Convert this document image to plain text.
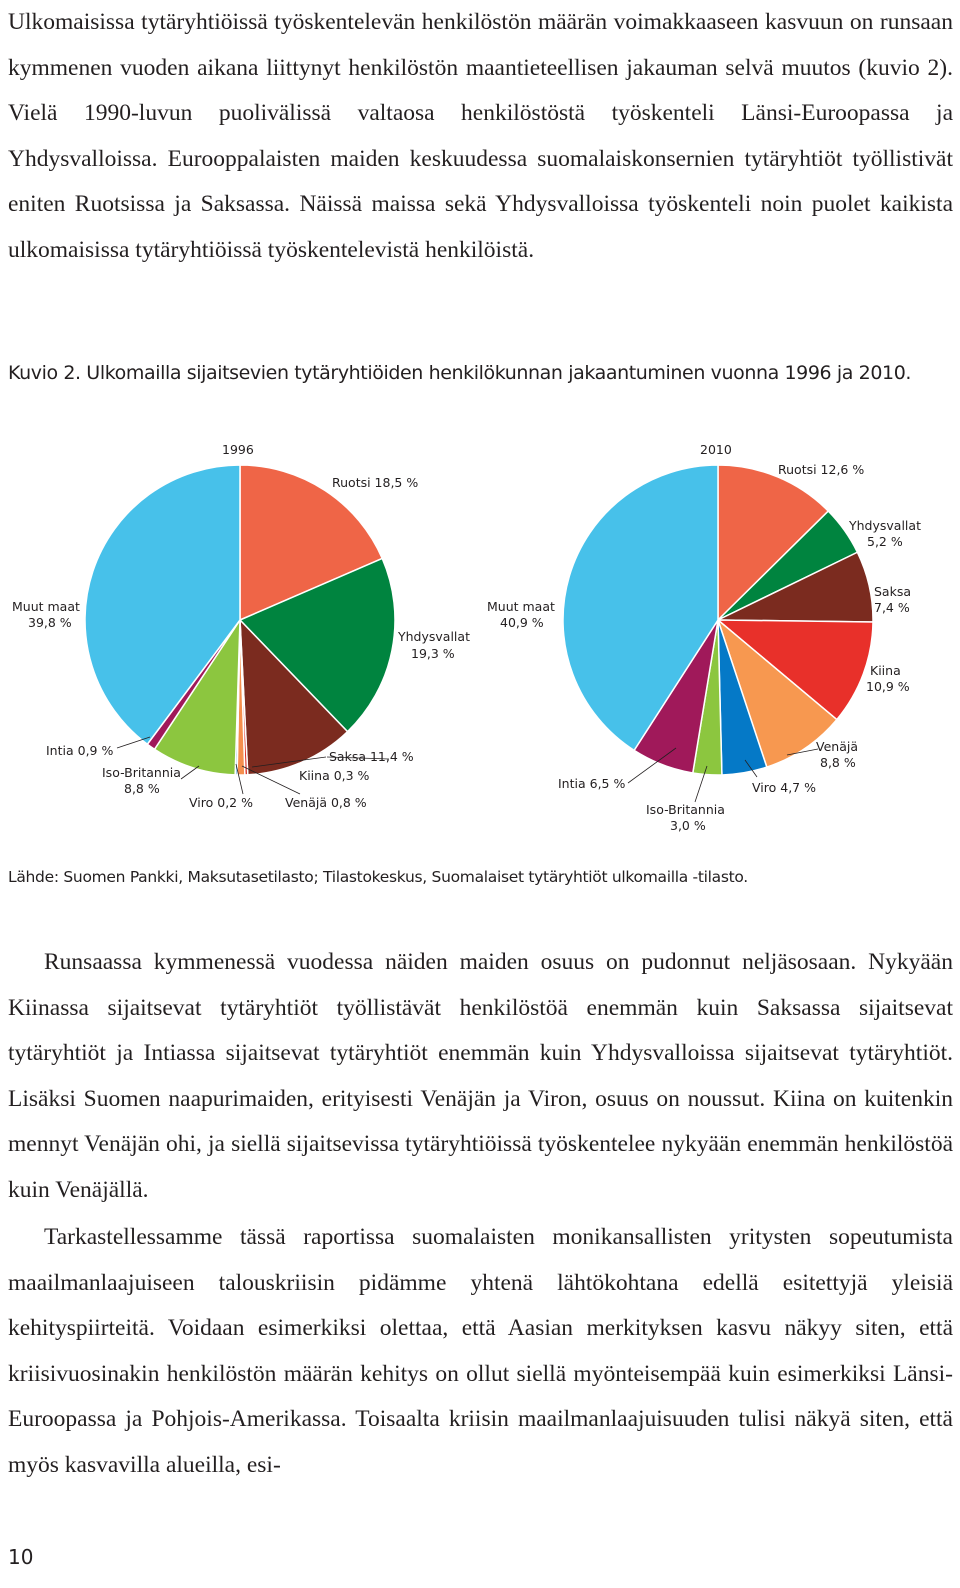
Ulkomaisissa tytäryhtiöissä työskentelevän henkilöstön määrän voimakkaaseen kasvuun on runsaan kymmenen vuoden aikana liittynyt henkilöstön maantieteellisen jakauman selvä muutos (kuvio 2). Vielä 1990-luvun puolivälissä valtaosa henkilöstöstä työskenteli Länsi-Euroopassa ja Yhdysvalloissa. Eurooppalaisten maiden keskuudessa suomalaiskonsernien tytäryhtiöt työllistivät eniten Ruotsissa ja Saksassa. Näissä maissa sekä Yhdysvalloissa työskenteli noin puolet kaikista ulkomaisissa tytäryhtiöissä työskentelevistä henkilöistä.

Kuvio 2. Ulkomailla sijaitsevien tytäryhtiöiden henkilökunnan jakaantuminen vuonna 1996 ja 2010.

1996
Ruotsi 18,5 %
Yhdysvallat
19,3 %
Muut maat
39,8 %
Intia 0,9 %
Iso-Britannia
8,8 %
Viro 0,2 %	Venäjä 0,8 %
Kiina 0,3 %
Saksa 11,4 %
2010
Ruotsi 12,6 %
Yhdysvallat
5,2 %
Saksa
7,4 %
Kiina
10,9 %
Venäjä
8,8 %
Viro 4,7 %
Iso-Britannia
3,0 %
Intia 6,5 %
Muut maat
40,9 %

Lähde: Suomen Pankki, Maksutasetilasto; Tilastokeskus, Suomalaiset tytäryhtiöt ulkomailla -tilasto.

Runsaassa kymmenessä vuodessa näiden maiden osuus on pudonnut neljäsosaan. Nykyään Kiinassa sijaitsevat tytäryhtiöt työllistävät henkilöstöä enemmän kuin Saksassa sijaitsevat tytäryhtiöt ja Intiassa sijaitsevat tytäryhtiöt enemmän kuin Yhdysvalloissa sijaitsevat tytäryhtiöt. Lisäksi Suomen naapurimaiden, erityisesti Venäjän ja Viron, osuus on noussut. Kiina on kuitenkin mennyt Venäjän ohi, ja siellä sijaitsevissa tytäryhtiöissä työskentelee nykyään enemmän henkilöstöä kuin Venäjällä.

Tarkastellessamme tässä raportissa suomalaisten monikansallisten yritysten sopeutumista maailmanlaajuiseen talouskriisin pidämme yhtenä lähtökohtana edellä esitettyjä yleisiä kehityspiirteitä. Voidaan esimerkiksi olettaa, että Aasian merkityksen kasvu näkyy siten, että kriisivuosinakin henkilöstön määrän kehitys on ollut siellä myönteisempää kuin esimerkiksi Länsi-Euroopassa ja Pohjois-Amerikassa. Toisaalta kriisin maailmanlaajuisuuden tulisi näkyä siten, että myös kasvavilla alueilla, esi-

10
